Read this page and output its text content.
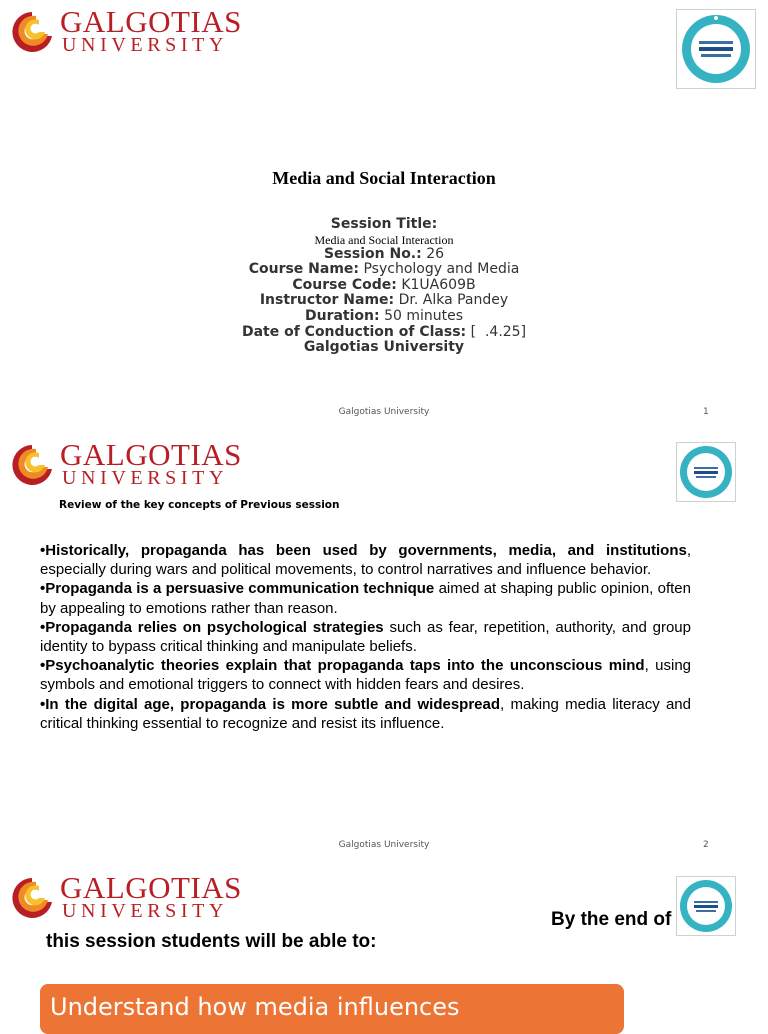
GALGOTIAS
UNIVERSITY
Media and Social Interaction
Session Title:
Media and Social Interaction
Session No.: 26
Course Name: Psychology and Media
Course Code: K1UA609B
Instructor Name: Dr. Alka Pandey
Duration: 50 minutes
Date of Conduction of Class: [  .4.25]
Galgotias University
Galgotias University	1
GALGOTIAS
UNIVERSITY
Review of the key concepts of Previous session

•Historically, propaganda has been used by governments, media, and institutions, especially during wars and political movements, to control narratives and influence behavior.

•Propaganda is a persuasive communication technique aimed at shaping public opinion, often by appealing to emotions rather than reason.

•Propaganda relies on psychological strategies such as fear, repetition, authority, and group identity to bypass critical thinking and manipulate beliefs.

•Psychoanalytic theories explain that propaganda taps into the unconscious mind, using symbols and emotional triggers to connect with hidden fears and desires.

•In the digital age, propaganda is more subtle and widespread, making media literacy and critical thinking essential to recognize and resist its influence.

Galgotias University	2
GALGOTIAS
UNIVERSITY	By the end of
this session students will be able to:
Understand how media influences
